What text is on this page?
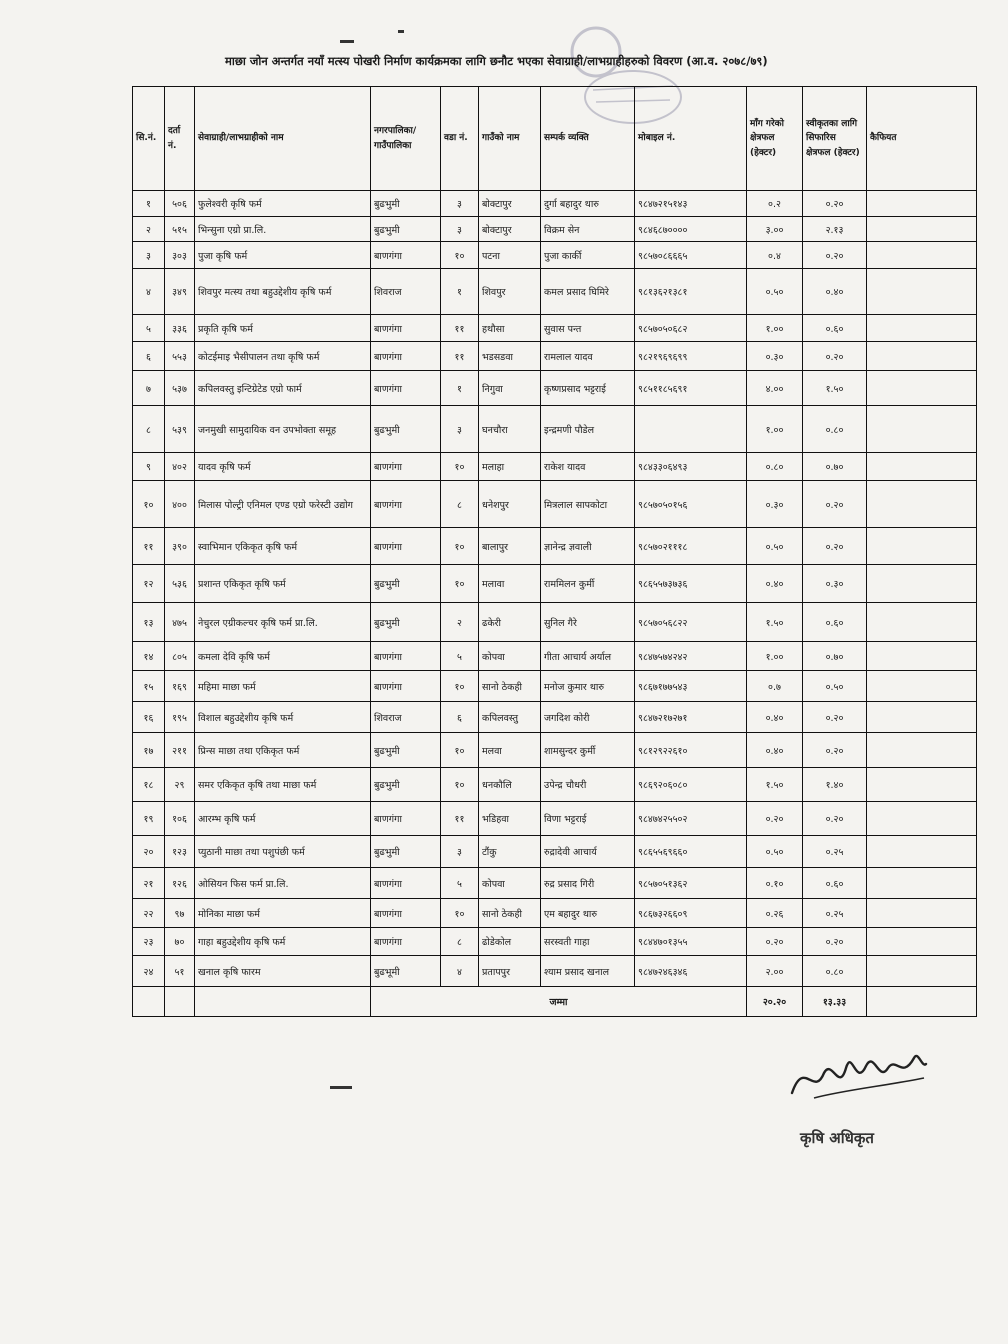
माछा जोन अन्तर्गत नयाँ मत्स्य पोखरी निर्माण कार्यक्रमका लागि छनौट भएका सेवाग्राही/लाभग्राहीहरुको विवरण (आ.व. २०७८/७९)
सि.नं.	दर्ता नं.	सेवाग्राही/लाभग्राहीको नाम	नगरपालिका/ गाउँपालिका	वडा नं.	गाउँको नाम	सम्पर्क व्यक्ति	मोबाइल नं.	माँग गरेको क्षेत्रफल (हेक्टर)	स्वीकृतका लागि सिफारिस क्षेत्रफल (हेक्टर)	कैफियत
१	५०६	फुलेश्वरी कृषि फर्म	बुढभुमी	३	बोक्टापुर	दुर्गा बहादुर थारु	९८४७२१५१४३	०.२	०.२०	
२	५१५	भिन्सुना एग्रो प्रा.लि.	बुढभुमी	३	बोक्टापुर	विक्रम सेन	९८४६८७००००	३.००	२.१३	
३	३०३	पुजा कृषि फर्म	बाणगंगा	१०	पटना	पुजा कार्की	९८५७०८६६६५	०.४	०.२०	
४	३४९	शिवपुर मत्स्य तथा बहुउद्देशीय कृषि फर्म	शिवराज	१	शिवपुर	कमल प्रसाद घिमिरे	९८१३६२१३८१	०.५०	०.४०	
५	३३६	प्रकृति कृषि फर्म	बाणगंगा	११	हथौसा	सुवास पन्त	९८५७०५०६८२	१.००	०.६०	
६	५५३	कोटईमाइ भैसीपालन तथा कृषि फर्म	बाणगंगा	११	भडसडवा	रामलाल यादव	९८२१९६९६९९	०.३०	०.२०	
७	५३७	कपिलवस्तु इन्टिग्रेटेड एग्रो फार्म	बाणगंगा	१	निगुवा	कृष्णप्रसाद भट्टराई	९८५११८५६९१	४.००	१.५०	
८	५३९	जनमुखी सामुदायिक वन उपभोक्ता समूह	बुढभुमी	३	घनचौरा	इन्द्रमणी पौडेल		१.००	०.८०	
९	४०२	यादव कृषि फर्म	बाणगंगा	१०	मलाहा	राकेश यादव	९८४३३०६४९३	०.८०	०.७०	
१०	४००	मिलास पोल्ट्री एनिमल एण्ड एग्रो फरेस्टी उद्योग	बाणगंगा	८	धनेशपुर	मित्रलाल सापकोटा	९८५७०५०१५६	०.३०	०.२०	
११	३९०	स्वाभिमान एकिकृत कृषि फर्म	बाणगंगा	१०	बालापुर	ज्ञानेन्द्र ज्ञवाली	९८५७०२१११८	०.५०	०.२०	
१२	५३६	प्रशान्त एकिकृत कृषि फर्म	बुढभुमी	१०	मलावा	राममिलन कुर्मी	९८६५५७३७३६	०.४०	०.३०	
१३	४७५	नेचुरल एग्रीकल्चर कृषि फर्म प्रा.लि.	बुढभुमी	२	ढकेरी	सुनिल गैरे	९८५७०५६८२२	१.५०	०.६०	
१४	८०५	कमला देवि कृषि फर्म	बाणगंगा	५	कोपवा	गीता आचार्य अर्याल	९८४७५७४२४२	१.००	०.७०	
१५	१६९	महिमा माछा फर्म	बाणगंगा	१०	सानो ठेकही	मनोज कुमार थारु	९८६७१७७५४३	०.७	०.५०	
१६	१९५	विशाल बहुउद्देशीय कृषि फर्म	शिवराज	६	कपिलवस्तु	जगदिश कोरी	९८४७२१७२७१	०.४०	०.२०	
१७	२११	प्रिन्स माछा तथा एकिकृत फर्म	बुढभुमी	१०	मलवा	शामसुन्दर कुर्मी	९८१२९२२६१०	०.४०	०.२०	
१८	२९	समर एकिकृत कृषि तथा माछा फर्म	बुढभुमी	१०	धनकौलि	उपेन्द्र चौधरी	९८६९२०६०८०	१.५०	१.४०	
१९	१०६	आरम्भ कृषि फर्म	बाणगंगा	११	भडिहवा	विणा भट्टराई	९८४७४२५५०२	०.२०	०.२०	
२०	१२३	प्युठानी माछा तथा पशुपंछी फर्म	बुढभुमी	३	टौंकु	रुद्रादेवी आचार्य	९८६५५६९६६०	०.५०	०.२५	
२१	१२६	ओसियन फिस फर्म प्रा.लि.	बाणगंगा	५	कोपवा	रुद्र प्रसाद गिरी	९८५७०५१३६२	०.१०	०.६०	
२२	९७	मोनिका माछा फर्म	बाणगंगा	१०	सानो ठेकही	एम बहादुर थारु	९८६७३२६६०९	०.२६	०.२५	
२३	७०	गाहा बहुउद्देशीय कृषि फर्म	बाणगंगा	८	ढोडेकोल	सरस्वती गाहा	९८४४७०१३५५	०.२०	०.२०	
२४	५१	खनाल कृषि फारम	बुढभूमी	४	प्रतापपुर	श्याम प्रसाद खनाल	९८४७२४६३४६	२.००	०.८०	
			जम्मा					२०.२०	१३.३३	
कृषि अधिकृत
